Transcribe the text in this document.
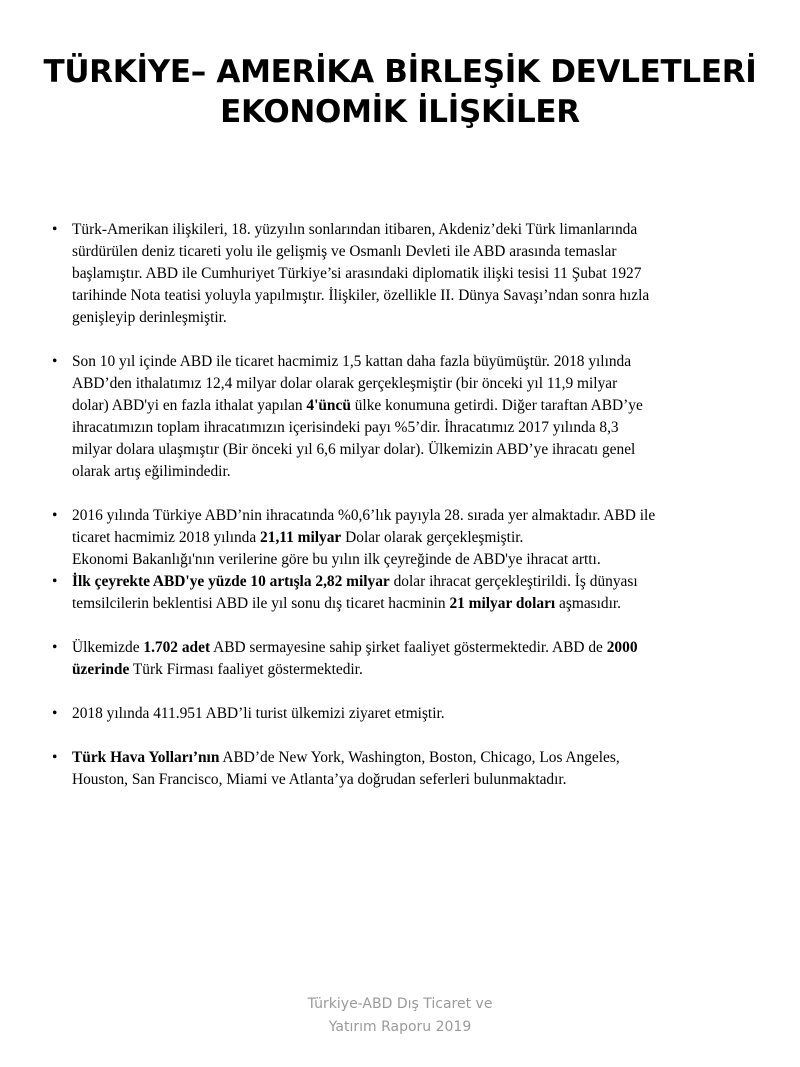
TÜRKİYE– AMERİKA BİRLEŞİK DEVLETLERİ
EKONOMİK İLİŞKİLER
• Türk-Amerikan ilişkileri, 18. yüzyılın sonlarından itibaren, Akdeniz’deki Türk limanlarında
sürdürülen deniz ticareti yolu ile gelişmiş ve Osmanlı Devleti ile ABD arasında temaslar
başlamıştır. ABD ile Cumhuriyet Türkiye’si arasındaki diplomatik ilişki tesisi 11 Şubat 1927
tarihinde Nota teatisi yoluyla yapılmıştır. İlişkiler, özellikle II. Dünya Savaşı’ndan sonra hızla
genişleyip derinleşmiştir.
• Son 10 yıl içinde ABD ile ticaret hacmimiz 1,5 kattan daha fazla büyümüştür. 2018 yılında
ABD’den ithalatımız 12,4 milyar dolar olarak gerçekleşmiştir (bir önceki yıl 11,9 milyar
dolar) ABD'yi en fazla ithalat yapılan 4'üncü ülke konumuna getirdi. Diğer taraftan ABD’ye
ihracatımızın toplam ihracatımızın içerisindeki payı %5’dir. İhracatımız 2017 yılında 8,3
milyar dolara ulaşmıştır (Bir önceki yıl 6,6 milyar dolar). Ülkemizin ABD’ye ihracatı genel
olarak artış eğilimindedir.
• 2016 yılında Türkiye ABD’nin ihracatında %0,6’lık payıyla 28. sırada yer almaktadır. ABD ile
ticaret hacmimiz 2018 yılında 21,11 milyar Dolar olarak gerçekleşmiştir.
Ekonomi Bakanlığı'nın verilerine göre bu yılın ilk çeyreğinde de ABD'ye ihracat arttı.
• İlk çeyrekte ABD'ye yüzde 10 artışla 2,82 milyar dolar ihracat gerçekleştirildi. İş dünyası
temsilcilerin beklentisi ABD ile yıl sonu dış ticaret hacminin 21 milyar doları aşmasıdır.
• Ülkemizde 1.702 adet ABD sermayesine sahip şirket faaliyet göstermektedir. ABD de 2000
üzerinde Türk Firması faaliyet göstermektedir.
• 2018 yılında 411.951 ABD’li turist ülkemizi ziyaret etmiştir.
• Türk Hava Yolları’nın ABD’de New York, Washington, Boston, Chicago, Los Angeles,
Houston, San Francisco, Miami ve Atlanta’ya doğrudan seferleri bulunmaktadır.
Türkiye-ABD Dış Ticaret ve
Yatırım Raporu 2019
